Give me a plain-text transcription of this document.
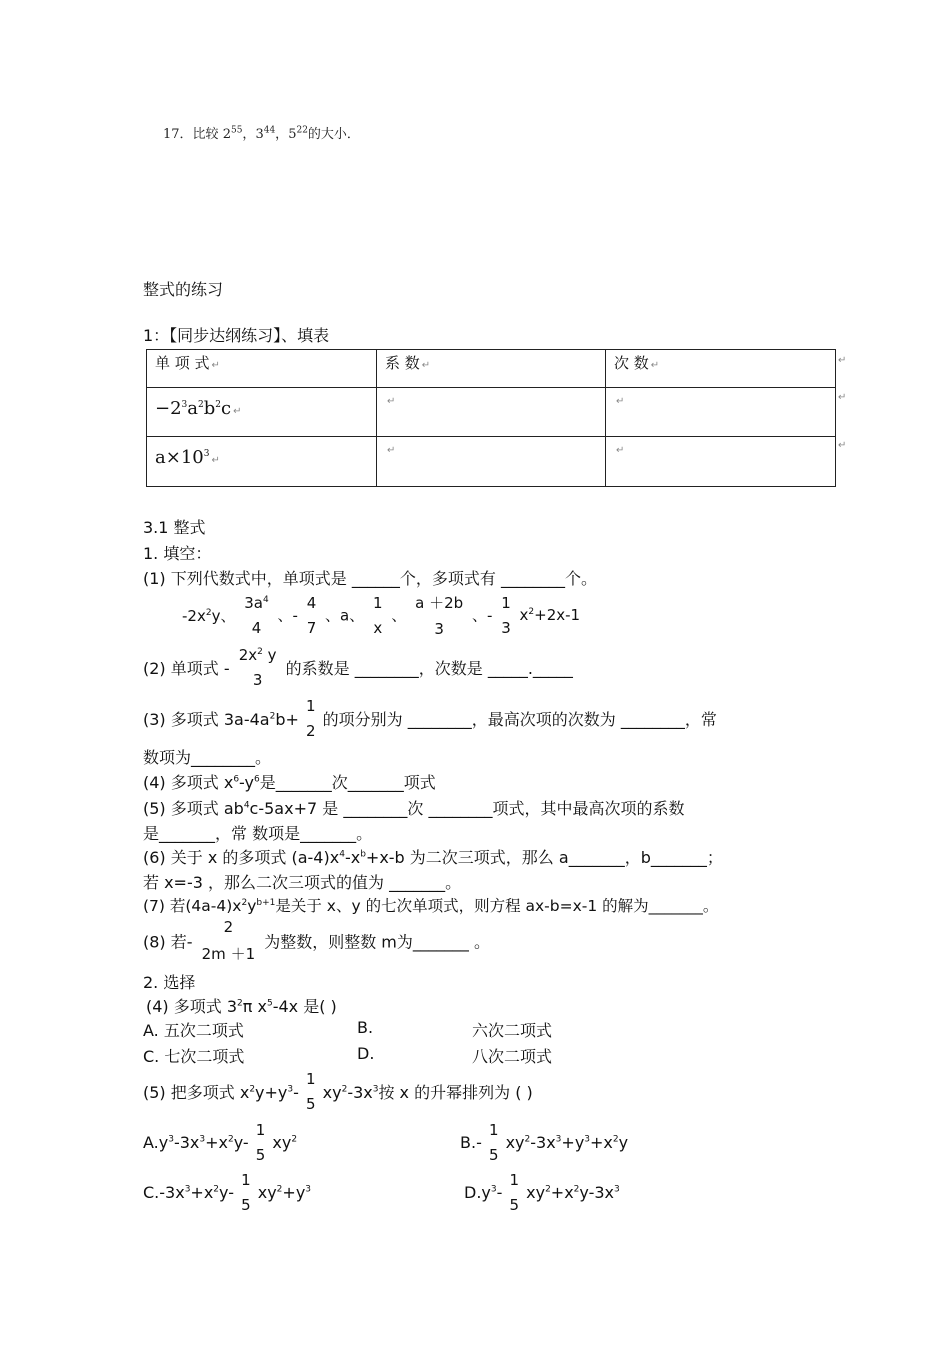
17．比较 $2^{55}$，$3^{44}$，$5^{22}$的大小．
整式的练习
1：【同步达纲练习】、填表
单 项 式 ↵	系 数 ↵	次 数 ↵
$-2^3a^2b^2c$ ↵	↵	↵
$a\times 10^3↵$	↵	↵
↵
↵
↵
3.1 整式
1. 填空：
(1) 下列代数式中，单项式是 ______个，多项式有 ________个。
$-2x^2y$、
$3a^4$
4
、-
4
7
、a、
1
x
、
a ＋2b
3
、-
1
3
$x^2+2x-1$
(2) 单项式 -
$2x^2$ y
3
的系数是 ________，次数是 _____._____
(3) 多项式 $3a-4a^2b+$
1
2
的项分别为 ________，最高次项的次数为 ________，常
数项为________。
(4) 多项式 $x^6-y^6$是_______次_______项式
(5) 多项式 $ab^4c-5ax+7$ 是 ________次 ________项式，其中最高次项的系数
是_______，常 数项是_______。
(6) 关于 x 的多项式 $(a-4)x^4-x^b+x-b$ 为二次三项式，那么 a_______，b_______；
若 x=-3 ，那么二次三项式的值为 _______。
(7) 若$(4a-4)x^2y^{b+1}$是关于 x、y 的七次单项式，则方程 ax-b=x-1 的解为_______。
(8) 若-
2
2m ＋1
为整数，则整数 m为_______ 。
2. 选择
(4) 多项式 $3^2\pi$ $x^5-4x$ 是( )
A. 五次二项式	B.	六次二项式
C. 七次二项式	D.	八次二项式
(5) 把多项式 $x^2y+y^3-$
1
5
$xy^2-3x^3$按 x 的升幂排列为 ( )
$A.y^3-3x^3+x^2y-$
1
5
$xy^2$	B.-
1
5
$xy^2-3x^3+y^3+x^2y$
$C.-3x^3+x^2y-$
1
5
$xy^2+y^3$	$D.y^3-$
1
5
$xy^2+x^2y-3x^3$
